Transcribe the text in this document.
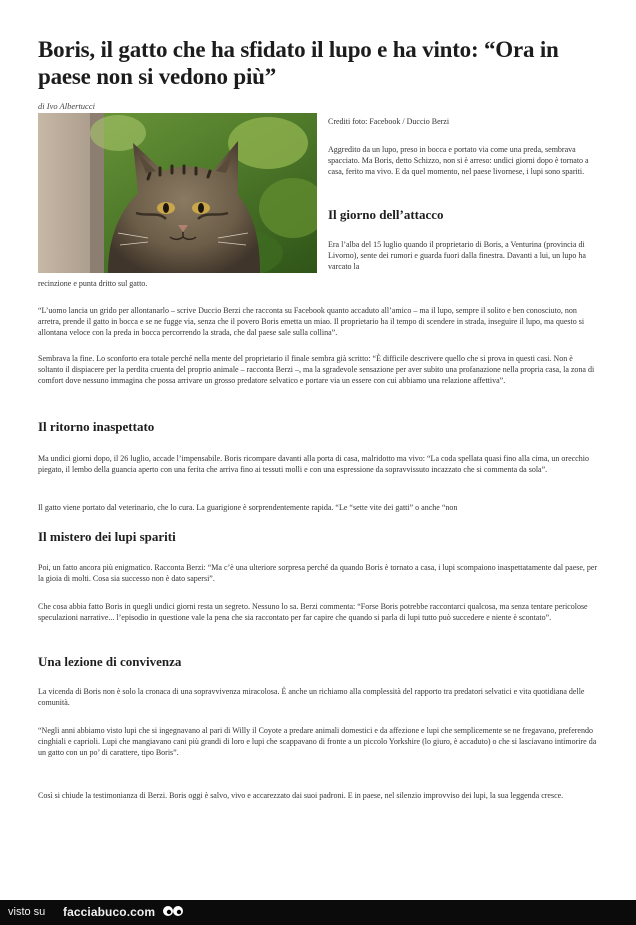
Boris, il gatto che ha sfidato il lupo e ha vinto: “Ora in paese non si vedono più”

di Ivo Albertucci

Crediti foto: Facebook / Duccio Berzi

Aggredito da un lupo, preso in bocca e portato via come una preda, sembrava spacciato. Ma Boris, detto Schizzo, non si è arreso: undici giorni dopo è tornato a casa, ferito ma vivo. E da quel momento, nel paese livornese, i lupi sono spariti.

Il giorno dell’attacco

Era l’alba del 15 luglio quando il proprietario di Boris, a Venturina (provincia di Livorno), sente dei rumori e guarda fuori dalla finestra. Davanti a lui, un lupo ha varcato la

recinzione e punta dritto sul gatto.

“L’uomo lancia un grido per allontanarlo – scrive Duccio Berzi che racconta su Facebook quanto accaduto all’amico – ma il lupo, sempre il solito e ben conosciuto, non arretra, prende il gatto in bocca e se ne fugge via, senza che il povero Boris emetta un miao. Il proprietario ha il tempo di scendere in strada, inseguire il lupo, ma questo si allontana veloce con la preda in bocca percorrendo la strada, che dal paese sale sulla collina”.

Sembrava la fine. Lo sconforto era totale perché nella mente del proprietario il finale sembra già scritto: “È difficile descrivere quello che si prova in questi casi. Non è soltanto il dispiacere per la perdita cruenta del proprio animale – racconta Berzi –, ma la sgradevole sensazione per aver subito una profanazione nella propria casa, la zona di comfort dove nessuno immagina che possa arrivare un grosso predatore selvatico e portare via un essere con cui abbiamo una relazione affettiva”.

Il ritorno inaspettato

Ma undici giorni dopo, il 26 luglio, accade l’impensabile. Boris ricompare davanti alla porta di casa, malridotto ma vivo: “La coda spellata quasi fino alla cima, un orecchio piegato, il lembo della guancia aperto con una ferita che arriva fino ai tessuti molli e con una espressione da sopravvissuto incazzato che si commenta da sola”.

Il gatto viene portato dal veterinario, che lo cura. La guarigione è sorprendentemente rapida. “Le “sette vite dei gatti” o anche “non

Il mistero dei lupi spariti

Poi, un fatto ancora più enigmatico. Racconta Berzi: “Ma c’è una ulteriore sorpresa perché da quando Boris è tornato a casa, i lupi scompaiono inaspettatamente dal paese, per la gioia di molti. Cosa sia successo non è dato sapersi”.

Che cosa abbia fatto Boris in quegli undici giorni resta un segreto. Nessuno lo sa. Berzi commenta: “Forse Boris potrebbe raccontarci qualcosa, ma senza tentare pericolose speculazioni narrative... l’episodio in questione vale la pena che sia raccontato per far capire che quando si parla di lupi tutto può succedere e niente è scontato”.

Una lezione di convivenza

La vicenda di Boris non è solo la cronaca di una sopravvivenza miracolosa. È anche un richiamo alla complessità del rapporto tra predatori selvatici e vita quotidiana delle comunità.

“Negli anni abbiamo visto lupi che si ingegnavano al pari di Willy il Coyote a predare animali domestici e da affezione e lupi che semplicemente se ne fregavano, preferendo cinghiali e caprioli. Lupi che mangiavano cani più grandi di loro e lupi che scappavano di fronte a un piccolo Yorkshire (lo giuro, è accaduto) o che si lasciavano intimorire da un gatto con un po’ di carattere, tipo Boris”.

Così si chiude la testimonianza di Berzi. Boris oggi è salvo, vivo e accarezzato dai suoi padroni. E in paese, nel silenzio improvviso dei lupi, la sua leggenda cresce.

visto su facciabuco.com
